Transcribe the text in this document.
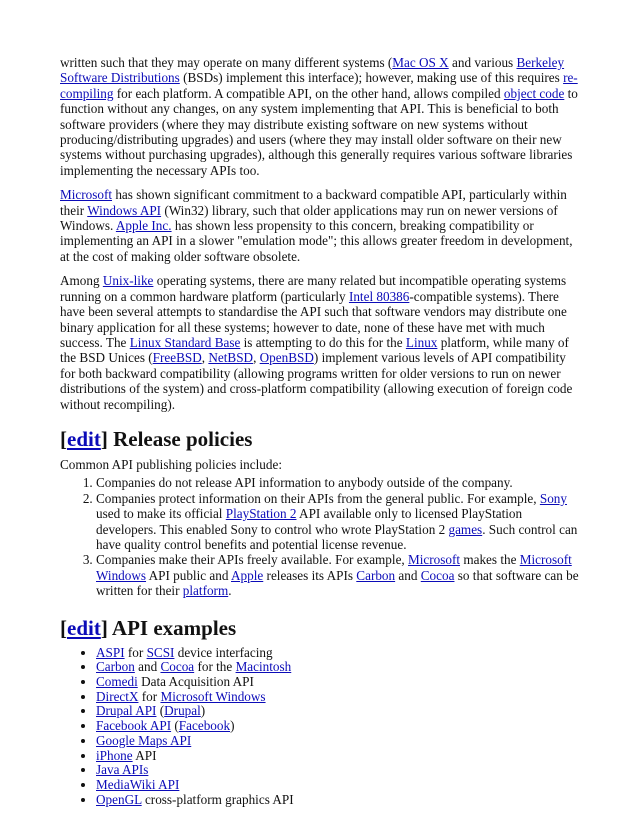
written such that they may operate on many different systems (Mac OS X and various Berkeley Software Distributions (BSDs) implement this interface); however, making use of this requires re-compiling for each platform. A compatible API, on the other hand, allows compiled object code to function without any changes, on any system implementing that API. This is beneficial to both software providers (where they may distribute existing software on new systems without producing/distributing upgrades) and users (where they may install older software on their new systems without purchasing upgrades), although this generally requires various software libraries implementing the necessary APIs too.

Microsoft has shown significant commitment to a backward compatible API, particularly within their Windows API (Win32) library, such that older applications may run on newer versions of Windows. Apple Inc. has shown less propensity to this concern, breaking compatibility or implementing an API in a slower "emulation mode"; this allows greater freedom in development, at the cost of making older software obsolete.

Among Unix-like operating systems, there are many related but incompatible operating systems running on a common hardware platform (particularly Intel 80386-compatible systems). There have been several attempts to standardise the API such that software vendors may distribute one binary application for all these systems; however to date, none of these have met with much success. The Linux Standard Base is attempting to do this for the Linux platform, while many of the BSD Unices (FreeBSD, NetBSD, OpenBSD) implement various levels of API compatibility for both backward compatibility (allowing programs written for older versions to run on newer distributions of the system) and cross-platform compatibility (allowing execution of foreign code without recompiling).

[edit] Release policies

Common API publishing policies include:

1. Companies do not release API information to anybody outside of the company.
2. Companies protect information on their APIs from the general public. For example, Sony used to make its official PlayStation 2 API available only to licensed PlayStation developers. This enabled Sony to control who wrote PlayStation 2 games. Such control can have quality control benefits and potential license revenue.
3. Companies make their APIs freely available. For example, Microsoft makes the Microsoft Windows API public and Apple releases its APIs Carbon and Cocoa so that software can be written for their platform.
[edit] API examples
• ASPI for SCSI device interfacing
• Carbon and Cocoa for the Macintosh
• Comedi Data Acquisition API
• DirectX for Microsoft Windows
• Drupal API (Drupal)
• Facebook API (Facebook)
• Google Maps API
• iPhone API
• Java APIs
• MediaWiki API
• OpenGL cross-platform graphics API
